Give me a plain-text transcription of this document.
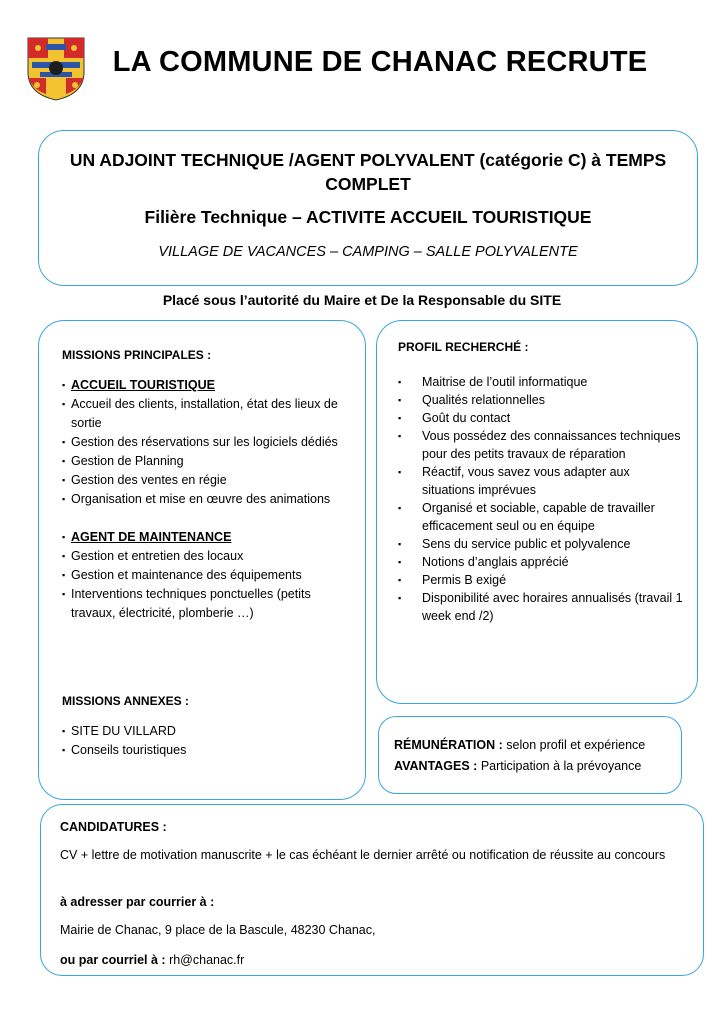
LA COMMUNE DE CHANAC RECRUTE
UN ADJOINT TECHNIQUE /AGENT POLYVALENT (catégorie C) à TEMPS COMPLET
Filière Technique – ACTIVITE ACCUEIL TOURISTIQUE
VILLAGE DE VACANCES – CAMPING – SALLE POLYVALENTE
Placé sous l’autorité du Maire et De la Responsable du SITE
MISSIONS PRINCIPALES :
▪ ACCUEIL TOURISTIQUE
▪ Accueil des clients, installation, état des lieux de sortie
▪ Gestion des réservations sur les logiciels dédiés
▪ Gestion de Planning
▪ Gestion des ventes en régie
▪ Organisation et mise en œuvre des animations
▪ AGENT DE MAINTENANCE
▪ Gestion et entretien des locaux
▪ Gestion et maintenance des équipements
▪ Interventions techniques ponctuelles (petits travaux, électricité, plomberie …)
MISSIONS ANNEXES :
▪ SITE DU VILLARD
▪ Conseils touristiques
PROFIL RECHERCHÉ :
▪ Maitrise de l’outil informatique
▪ Qualités relationnelles
▪ Goût du contact
▪ Vous possédez des connaissances techniques pour des petits travaux de réparation
▪ Réactif, vous savez vous adapter aux situations imprévues
▪ Organisé et sociable, capable de travailler efficacement seul ou en équipe
▪ Sens du service public et polyvalence
▪ Notions d’anglais apprécié
▪ Permis B exigé
▪ Disponibilité avec horaires annualisés (travail 1 week end /2)
RÉMUNÉRATION : selon profil et expérience
AVANTAGES : Participation à la prévoyance
CANDIDATURES :
CV + lettre de motivation manuscrite + le cas échéant le dernier arrêté ou notification de réussite au concours
à adresser par courrier à :
Mairie de Chanac, 9 place de la Bascule, 48230 Chanac,
ou par courriel à : rh@chanac.fr
